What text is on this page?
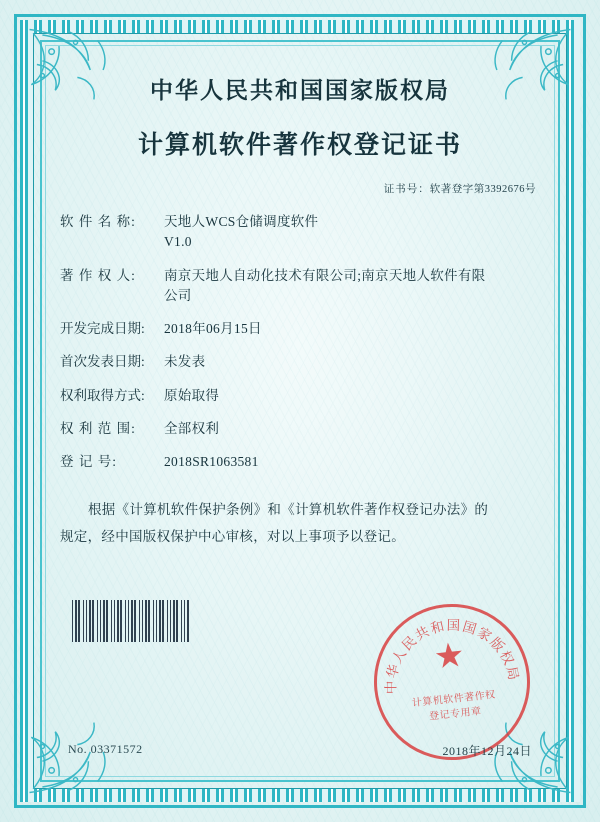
中华人民共和国国家版权局
计算机软件著作权登记证书
证书号：软著登字第3392676号
软 件 名 称:	天地人WCS仓储调度软件
V1.0
著 作 权 人:	南京天地人自动化技术有限公司;南京天地人软件有限
公司
开发完成日期:	2018年06月15日
首次发表日期:	未发表
权利取得方式:	原始取得
权 利 范 围:	全部权利
登 记 号:	2018SR1063581

根据《计算机软件保护条例》和《计算机软件著作权登记办法》的

规定，经中国版权保护中心审核，对以上事项予以登记。

中华人民共和国国家版权局
★
计算机软件著作权
登记专用章
No. 03371572	2018年12月24日
